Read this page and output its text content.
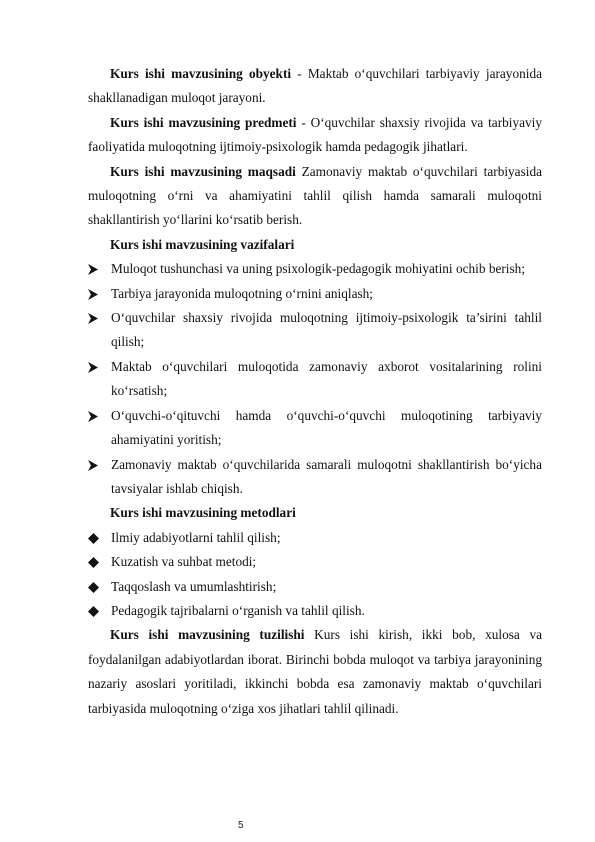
Kurs ishi mavzusining obyekti - Maktab o‘quvchilari tarbiyaviy jarayonida shakllanadigan muloqot jarayoni.

Kurs ishi mavzusining predmeti - O‘quvchilar shaxsiy rivojida va tarbiyaviy faoliyatida muloqotning ijtimoiy-psixologik hamda pedagogik jihatlari.

Kurs ishi mavzusining maqsadi Zamonaviy maktab o‘quvchilari tarbiyasida muloqotning o‘rni va ahamiyatini tahlil qilish hamda samarali muloqotni shakllantirish yo‘llarini ko‘rsatib berish.

Kurs ishi mavzusining vazifalari

Muloqot tushunchasi va uning psixologik-pedagogik mohiyatini ochib berish;
Tarbiya jarayonida muloqotning o‘rnini aniqlash;
O‘quvchilar shaxsiy rivojida muloqotning ijtimoiy-psixologik ta’sirini tahlil qilish;
Maktab o‘quvchilari muloqotida zamonaviy axborot vositalarining rolini ko‘rsatish;
O‘quvchi-o‘qituvchi hamda o‘quvchi-o‘quvchi muloqotining tarbiyaviy ahamiyatini yoritish;
Zamonaviy maktab o‘quvchilarida samarali muloqotni shakllantirish bo‘yicha tavsiyalar ishlab chiqish.

Kurs ishi mavzusining metodlari

Ilmiy adabiyotlarni tahlil qilish;
Kuzatish va suhbat metodi;
Taqqoslash va umumlashtirish;
Pedagogik tajribalarni o‘rganish va tahlil qilish.

Kurs ishi mavzusining tuzilishi Kurs ishi kirish, ikki bob, xulosa va foydalanilgan adabiyotlardan iborat. Birinchi bobda muloqot va tarbiya jarayonining nazariy asoslari yoritiladi, ikkinchi bobda esa zamonaviy maktab o‘quvchilari tarbiyasida muloqotning o‘ziga xos jihatlari tahlil qilinadi.

5
